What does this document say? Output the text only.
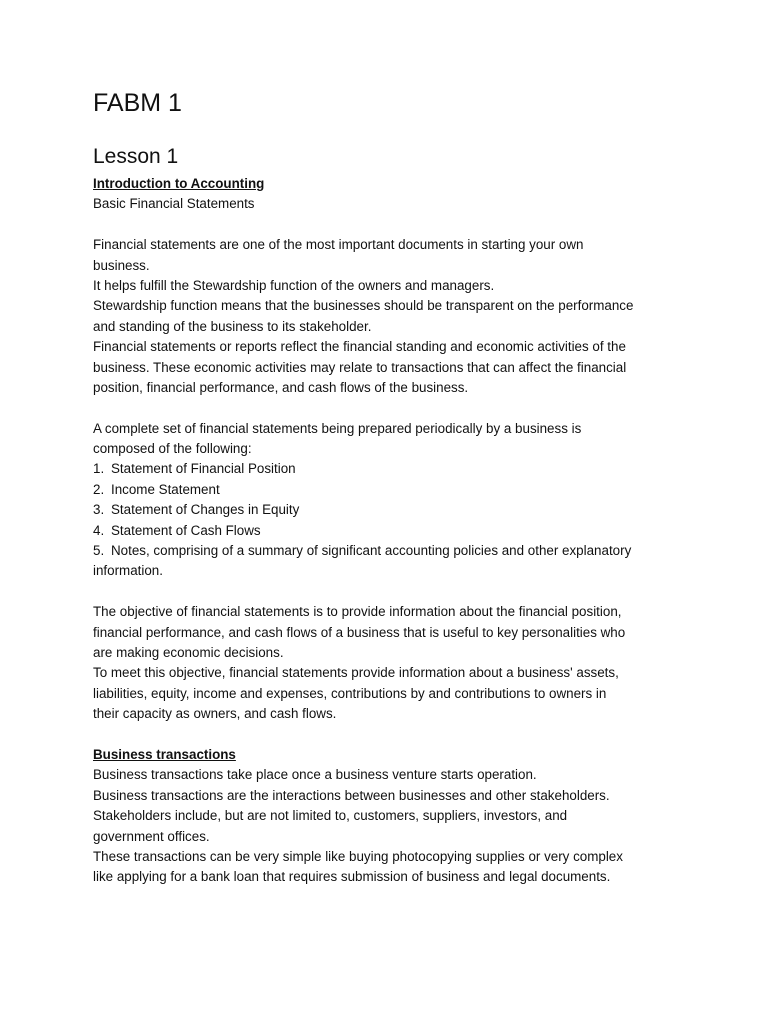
FABM 1
Lesson 1
Introduction to Accounting
Basic Financial Statements
Financial statements are one of the most important documents in starting your own
business.
It helps fulfill the Stewardship function of the owners and managers.
Stewardship function means that the businesses should be transparent on the performance
and standing of the business to its stakeholder.
Financial statements or reports reflect the financial standing and economic activities of the
business. These economic activities may relate to transactions that can affect the financial
position, financial performance, and cash flows of the business.
A complete set of financial statements being prepared periodically by a business is
composed of the following:
1. Statement of Financial Position
2. Income Statement
3. Statement of Changes in Equity
4. Statement of Cash Flows
5. Notes, comprising of a summary of significant accounting policies and other explanatory
information.
The objective of financial statements is to provide information about the financial position,
financial performance, and cash flows of a business that is useful to key personalities who
are making economic decisions.
To meet this objective, financial statements provide information about a business' assets,
liabilities, equity, income and expenses, contributions by and contributions to owners in
their capacity as owners, and cash flows.
Business transactions
Business transactions take place once a business venture starts operation.
Business transactions are the interactions between businesses and other stakeholders.
Stakeholders include, but are not limited to, customers, suppliers, investors, and
government offices.
These transactions can be very simple like buying photocopying supplies or very complex
like applying for a bank loan that requires submission of business and legal documents.
